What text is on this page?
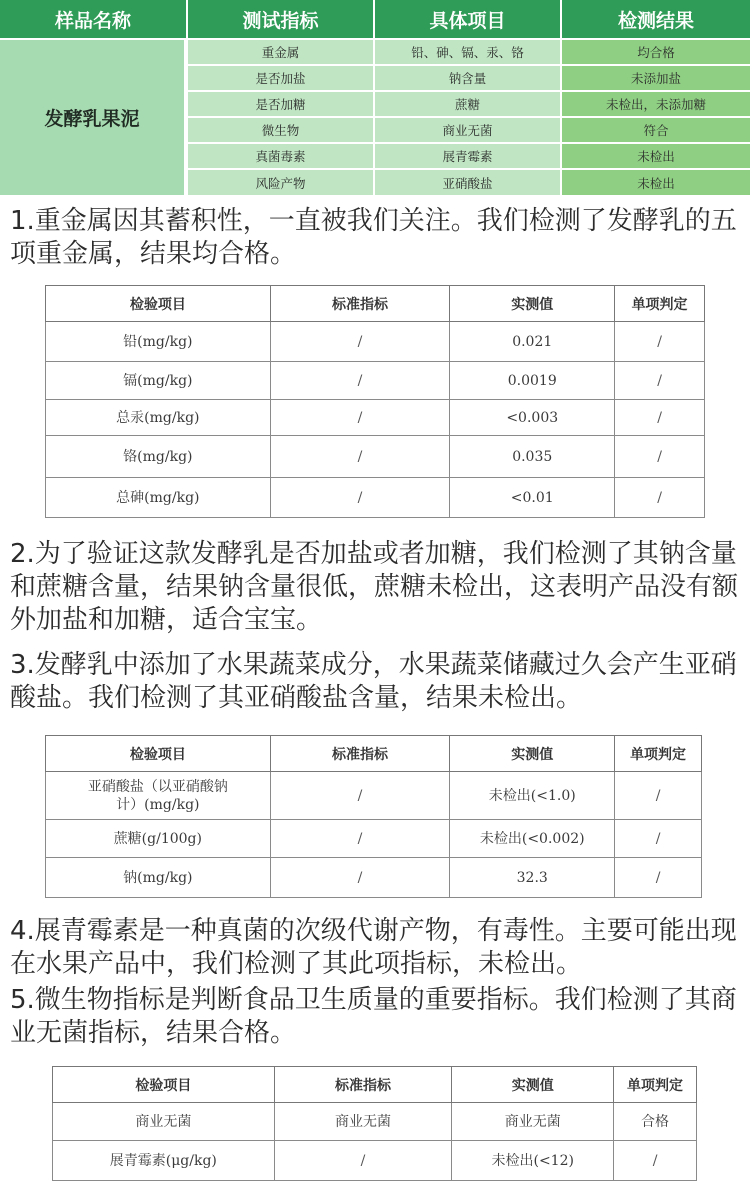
样品名称	测试指标	具体项目	检测结果
发酵乳果泥
重金属	铅、砷、镉、汞、铬	均合格
是否加盐	钠含量	未添加盐
是否加糖	蔗糖	未检出，未添加糖
微生物	商业无菌	符合
真菌毒素	展青霉素	未检出
风险产物	亚硝酸盐	未检出

1.重金属因其蓄积性，一直被我们关注。我们检测了发酵乳的五项重金属，结果均合格。

检验项目	标准指标	实测值	单项判定
铅(mg/kg)	/	0.021	/
镉(mg/kg)	/	0.0019	/
总汞(mg/kg)	/	<0.003	/
铬(mg/kg)	/	0.035	/
总砷(mg/kg)	/	<0.01	/

2.为了验证这款发酵乳是否加盐或者加糖，我们检测了其钠含量和蔗糖含量，结果钠含量很低，蔗糖未检出，这表明产品没有额外加盐和加糖，适合宝宝。

3.发酵乳中添加了水果蔬菜成分，水果蔬菜储藏过久会产生亚硝酸盐。我们检测了其亚硝酸盐含量，结果未检出。

检验项目	标准指标	实测值	单项判定

亚硝酸盐（以亚硝酸钠
计）(mg/kg)	/	未检出(<1.0)	/
蔗糖(g/100g)	/	未检出(<0.002)	/
钠(mg/kg)	/	32.3	/

4.展青霉素是一种真菌的次级代谢产物，有毒性。主要可能出现在水果产品中，我们检测了其此项指标，未检出。

5.微生物指标是判断食品卫生质量的重要指标。我们检测了其商业无菌指标，结果合格。

检验项目	标准指标	实测值	单项判定
商业无菌	商业无菌	商业无菌	合格
展青霉素(μg/kg)	/	未检出(<12)	/
